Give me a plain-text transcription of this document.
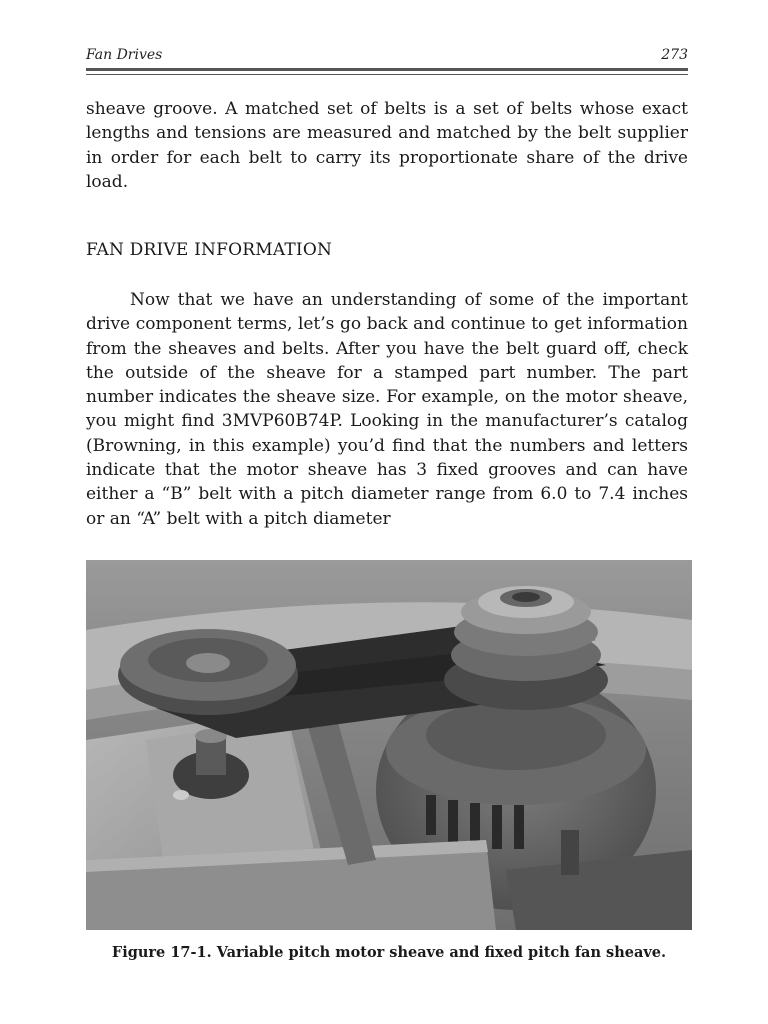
Fan Drives	273
sheave groove. A matched set of belts is a set of belts whose exact lengths and tensions are measured and matched by the belt supplier in order for each belt to carry its proportionate share of the drive load.
FAN DRIVE INFORMATION
Now that we have an understanding of some of the important drive component terms, let’s go back and continue to get information from the sheaves and belts. After you have the belt guard off, check the outside of the sheave for a stamped part number. The part number indicates the sheave size. For example, on the motor sheave, you might find 3MVP60B74P. Looking in the manufacturer’s catalog (Browning, in this example) you’d find that the numbers and letters indicate that the motor sheave has 3 fixed grooves and can have either a “B” belt with a pitch diameter range from 6.0 to 7.4 inches or an “A” belt with a pitch diameter
Figure 17-1. Variable pitch motor sheave and fixed pitch fan sheave.
